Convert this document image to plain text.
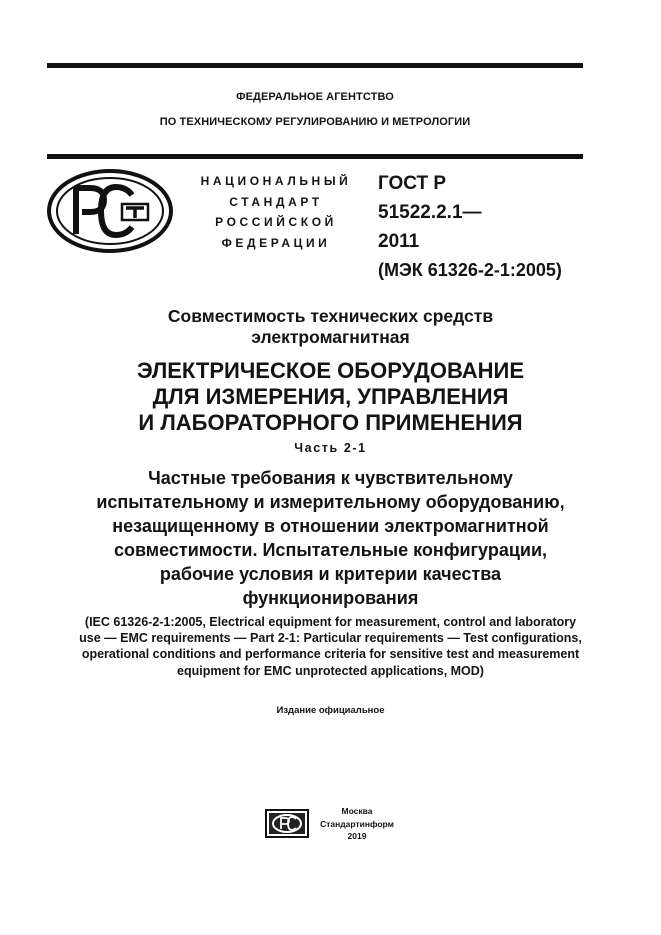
ФЕДЕРАЛЬНОЕ АГЕНТСТВО
ПО ТЕХНИЧЕСКОМУ РЕГУЛИРОВАНИЮ И МЕТРОЛОГИИ
НАЦИОНАЛЬНЫЙ
СТАНДАРТ
РОССИЙСКОЙ
ФЕДЕРАЦИИ
ГОСТ Р
51522.2.1—
2011
(МЭК 61326-2-1:2005)
Совместимость технических средств
электромагнитная
ЭЛЕКТРИЧЕСКОЕ ОБОРУДОВАНИЕ
ДЛЯ ИЗМЕРЕНИЯ, УПРАВЛЕНИЯ
И ЛАБОРАТОРНОГО ПРИМЕНЕНИЯ
Часть 2-1
Частные требования к чувствительному
испытательному и измерительному оборудованию,
незащищенному в отношении электромагнитной
совместимости. Испытательные конфигурации,
рабочие условия и критерии качества
функционирования
(IEC 61326-2-1:2005, Electrical equipment for measurement, control and laboratory
use — EMC requirements — Part 2-1: Particular requirements — Test configurations,
operational conditions and performance criteria for sensitive test and measurement
equipment for EMC unprotected applications, MOD)
Издание официальное
Москва
Стандартинформ
2019
